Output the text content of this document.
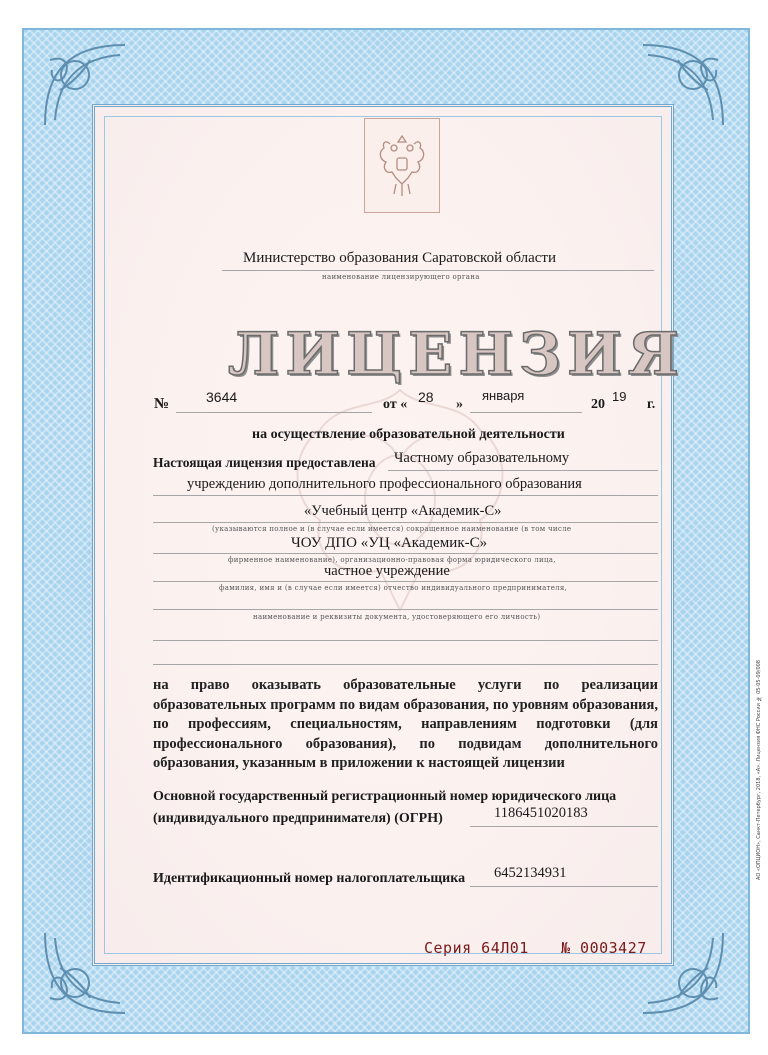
АО «ОПЦИОН», Санкт-Петербург, 2018, «А». Лицензия ФНС России № 05-05-09/008
Министерство образования Саратовской области
наименование лицензирующего органа
ЛИЦЕНЗИЯ
№	3644	от « 28 »
января
20
19
г.
на осуществление образовательной деятельности
Настоящая лицензия предоставлена Частному образовательному
учреждению дополнительного профессионального образования
«Учебный центр «Академик-С»
(указываются полное и (в случае если имеется) сокращенное наименование (в том числе
ЧОУ ДПО «УЦ «Академик-С»
фирменное наименование), организационно-правовая форма юридического лица,
частное учреждение
фамилия, имя и (в случае если имеется) отчество индивидуального предпринимателя,
наименование и реквизиты документа, удостоверяющего его личность)
на право оказывать образовательные услуги по реализации образовательных программ по видам образования, по уровням образования, по профессиям, специальностям, направлениям подготовки (для профессионального образования), по подвидам дополнительного образования, указанным в приложении к настоящей лицензии
Основной государственный регистрационный номер юридического лица
(индивидуального предпринимателя) (ОГРН)	1186451020183
Идентификационный номер налогоплательщика 6452134931
Серия 64Л01 № 0003427
